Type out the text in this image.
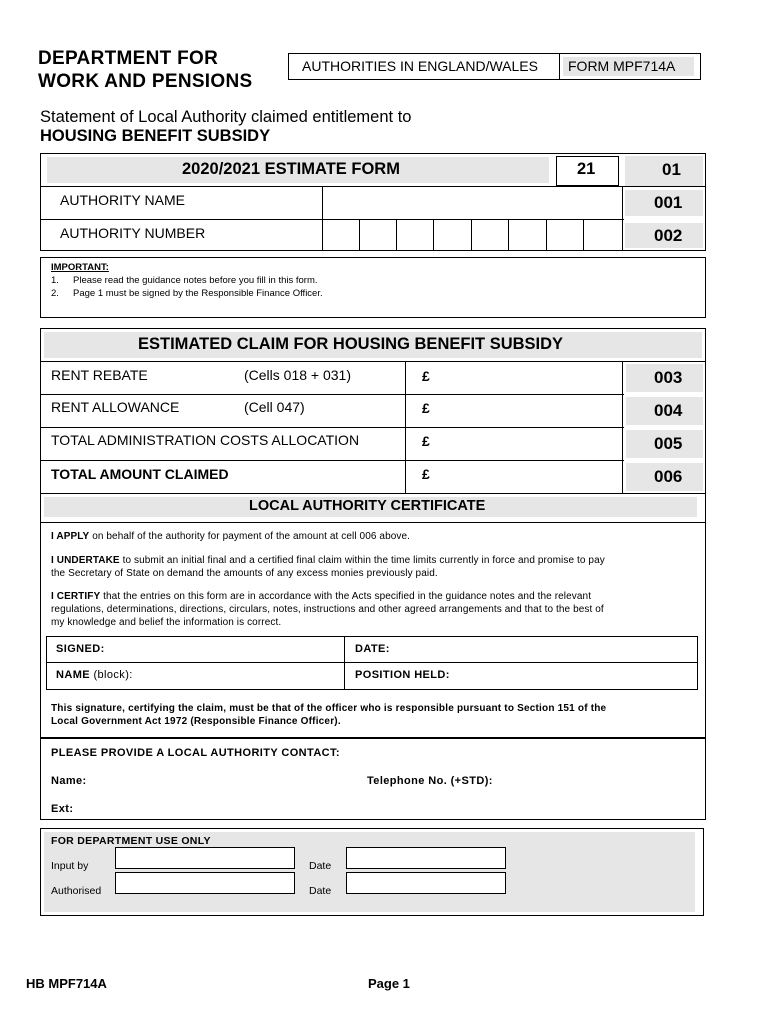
DEPARTMENT FOR
WORK AND PENSIONS
AUTHORITIES IN ENGLAND/WALES FORM MPF714A
Statement of Local Authority claimed entitlement to
HOUSING BENEFIT SUBSIDY
2020/2021 ESTIMATE FORM	21	01
AUTHORITY NAME	001
AUTHORITY NUMBER	002
IMPORTANT:
1. Please read the guidance notes before you fill in this form.
2. Page 1 must be signed by the Responsible Finance Officer.
ESTIMATED CLAIM FOR HOUSING BENEFIT SUBSIDY
RENT REBATE	(Cells 018 + 031)	£	003
RENT ALLOWANCE	(Cell 047)	£	004
TOTAL ADMINISTRATION COSTS ALLOCATION	£	005
TOTAL AMOUNT CLAIMED	£	006
LOCAL AUTHORITY CERTIFICATE
I APPLY on behalf of the authority for payment of the amount at cell 006 above.
I UNDERTAKE to submit an initial final and a certified final claim within the time limits currently in force and promise to pay
the Secretary of State on demand the amounts of any excess monies previously paid.
I CERTIFY that the entries on this form are in accordance with the Acts specified in the guidance notes and the relevant
regulations, determinations, directions, circulars, notes, instructions and other agreed arrangements and that to the best of
my knowledge and belief the information is correct.
SIGNED:	DATE:
NAME (block):	POSITION HELD:
This signature, certifying the claim, must be that of the officer who is responsible pursuant to Section 151 of the
Local Government Act 1972 (Responsible Finance Officer).
PLEASE PROVIDE A LOCAL AUTHORITY CONTACT:
Name:	Telephone No. (+STD):
Ext:
FOR DEPARTMENT USE ONLY
Input by	Date
Authorised	Date
HB MPF714A	Page 1
